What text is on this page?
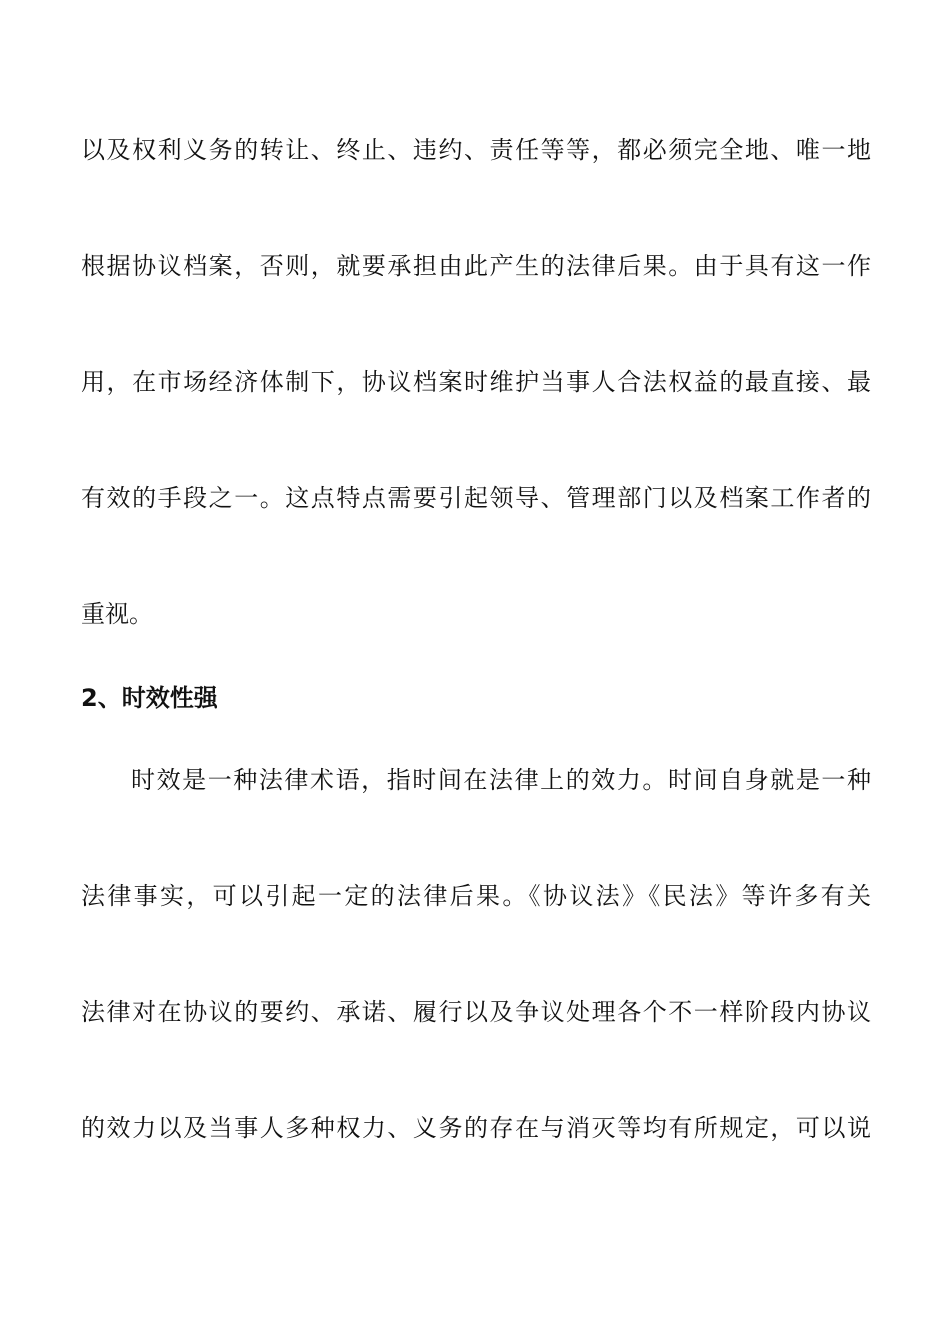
以及权利义务的转让、终止、违约、责任等等，都必须完全地、唯一地
根据协议档案，否则，就要承担由此产生的法律后果。由于具有这一作
用，在市场经济体制下，协议档案时维护当事人合法权益的最直接、最
有效的手段之一。这点特点需要引起领导、管理部门以及档案工作者的
重视。
2、时效性强
时效是一种法律术语，指时间在法律上的效力。时间自身就是一种
法律事实，可以引起一定的法律后果。《协议法》《民法》等许多有关
法律对在协议的要约、承诺、履行以及争议处理各个不一样阶段内协议
的效力以及当事人多种权力、义务的存在与消灭等均有所规定，可以说
